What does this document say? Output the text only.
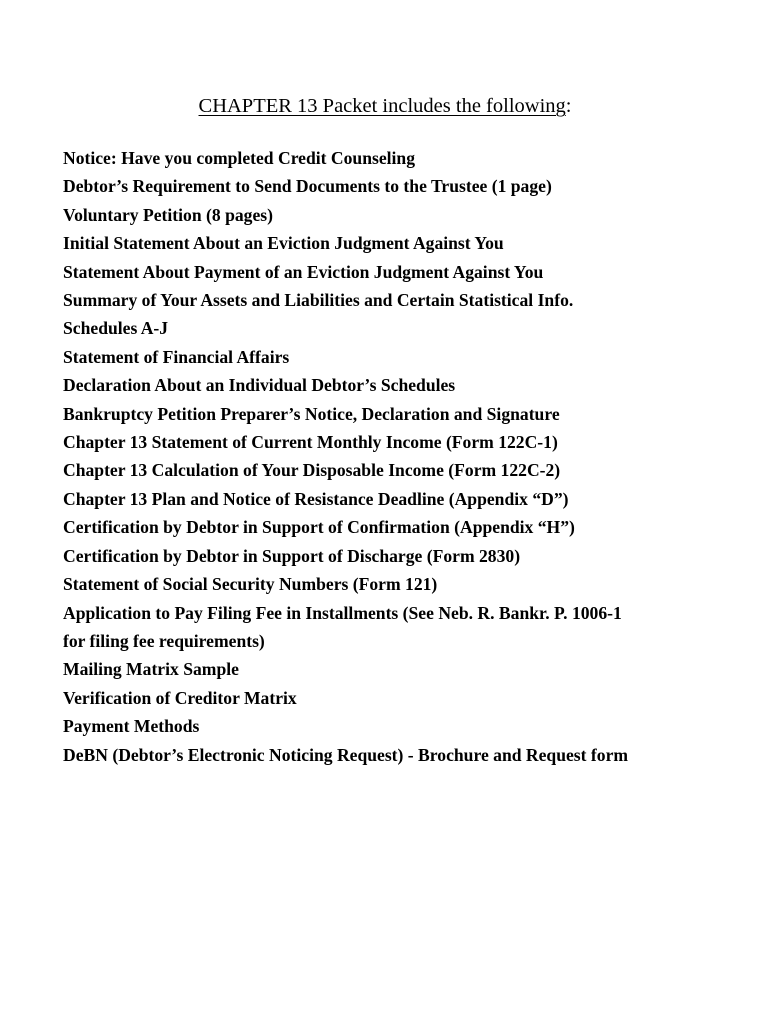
CHAPTER 13 Packet includes the following:
Notice: Have you completed Credit Counseling
Debtor’s Requirement to Send Documents to the Trustee (1 page)
Voluntary Petition (8 pages)
Initial Statement About an Eviction Judgment Against You
Statement About Payment of an Eviction Judgment Against You
Summary of Your Assets and Liabilities and Certain Statistical Info.
Schedules A-J
Statement of Financial Affairs
Declaration About an Individual Debtor’s Schedules
Bankruptcy Petition Preparer’s Notice, Declaration and Signature
Chapter 13 Statement of Current Monthly Income (Form 122C-1)
Chapter 13 Calculation of Your Disposable Income (Form 122C-2)
Chapter 13 Plan and Notice of Resistance Deadline (Appendix “D”)
Certification by Debtor in Support of Confirmation (Appendix “H”)
Certification by Debtor in Support of Discharge (Form 2830)
Statement of Social Security Numbers (Form 121)
Application to Pay Filing Fee in Installments (See Neb. R. Bankr. P. 1006-1
for filing fee requirements)
Mailing Matrix Sample
Verification of Creditor Matrix
Payment Methods
DeBN (Debtor’s Electronic Noticing Request) - Brochure and Request form
